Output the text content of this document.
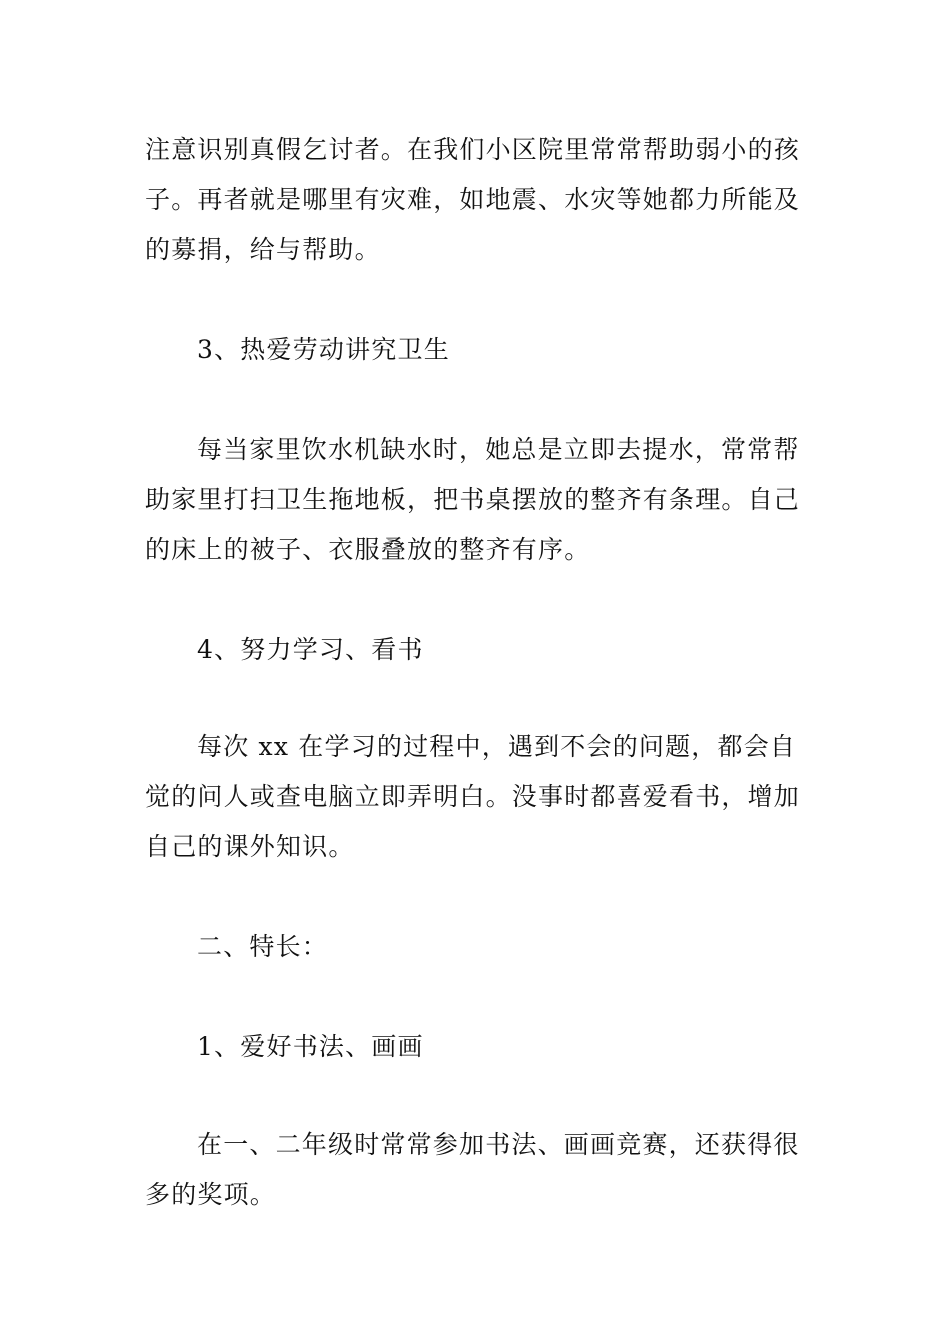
注意识别真假乞讨者。在我们小区院里常常帮助弱小的孩子。再者就是哪里有灾难，如地震、水灾等她都力所能及的募捐，给与帮助。

3、热爱劳动讲究卫生

每当家里饮水机缺水时，她总是立即去提水，常常帮助家里打扫卫生拖地板，把书桌摆放的整齐有条理。自己的床上的被子、衣服叠放的整齐有序。

4、努力学习、看书

每次 xx 在学习的过程中，遇到不会的问题，都会自觉的问人或查电脑立即弄明白。没事时都喜爱看书，增加自己的课外知识。

二、特长：

1、爱好书法、画画

在一、二年级时常常参加书法、画画竞赛，还获得很多的奖项。
